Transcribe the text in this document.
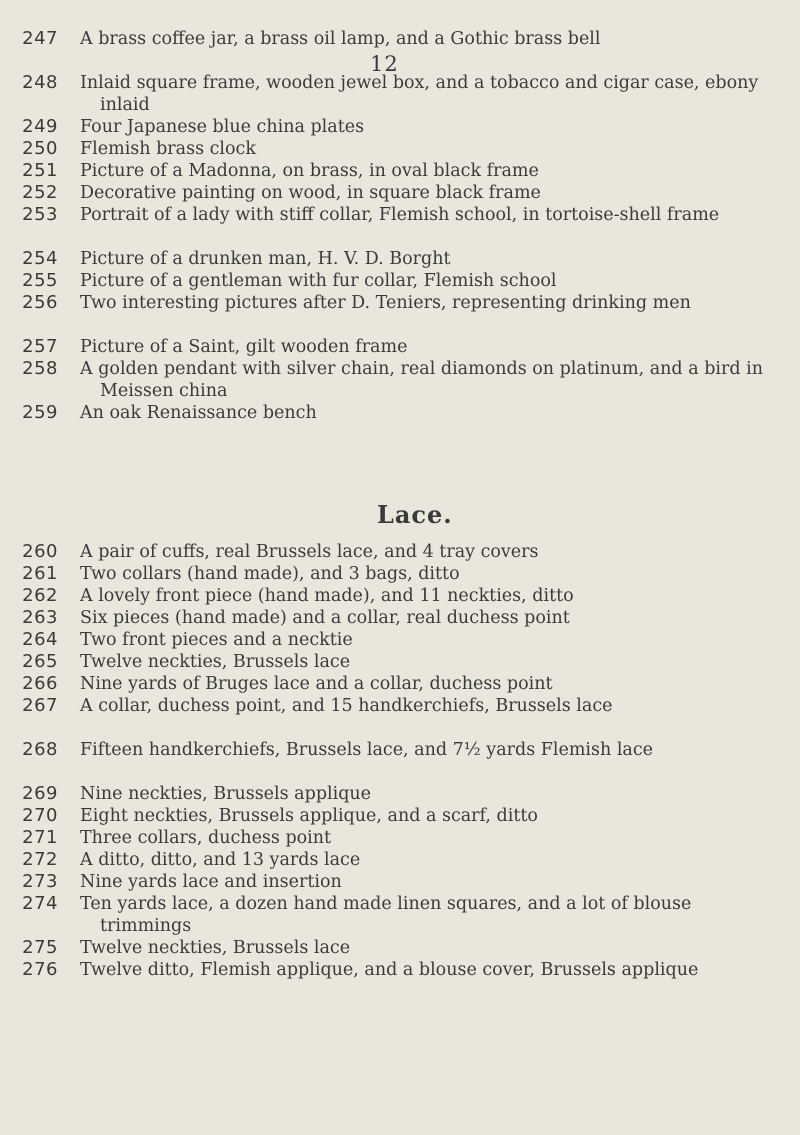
12
247 A brass coffee jar, a brass oil lamp, and a Gothic brass bell
248 Inlaid square frame, wooden jewel box, and a tobacco and cigar case, ebony inlaid
249 Four Japanese blue china plates
250 Flemish brass clock
251 Picture of a Madonna, on brass, in oval black frame
252 Decorative painting on wood, in square black frame
253 Portrait of a lady with stiff collar, Flemish school, in tortoise-shell frame
254 Picture of a drunken man, H. V. D. Borght
255 Picture of a gentleman with fur collar, Flemish school
256 Two interesting pictures after D. Teniers, representing drinking men
257 Picture of a Saint, gilt wooden frame
258 A golden pendant with silver chain, real diamonds on platinum, and a bird in Meissen china
259 An oak Renaissance bench
Lace.
260 A pair of cuffs, real Brussels lace, and 4 tray covers
261 Two collars (hand made), and 3 bags, ditto
262 A lovely front piece (hand made), and 11 neckties, ditto
263 Six pieces (hand made) and a collar, real duchess point
264 Two front pieces and a necktie
265 Twelve neckties, Brussels lace
266 Nine yards of Bruges lace and a collar, duchess point
267 A collar, duchess point, and 15 handkerchiefs, Brussels lace
268 Fifteen handkerchiefs, Brussels lace, and 7½ yards Flemish lace
269 Nine neckties, Brussels applique
270 Eight neckties, Brussels applique, and a scarf, ditto
271 Three collars, duchess point
272 A ditto, ditto, and 13 yards lace
273 Nine yards lace and insertion
274 Ten yards lace, a dozen hand made linen squares, and a lot of blouse trimmings
275 Twelve neckties, Brussels lace
276 Twelve ditto, Flemish applique, and a blouse cover, Brussels applique
